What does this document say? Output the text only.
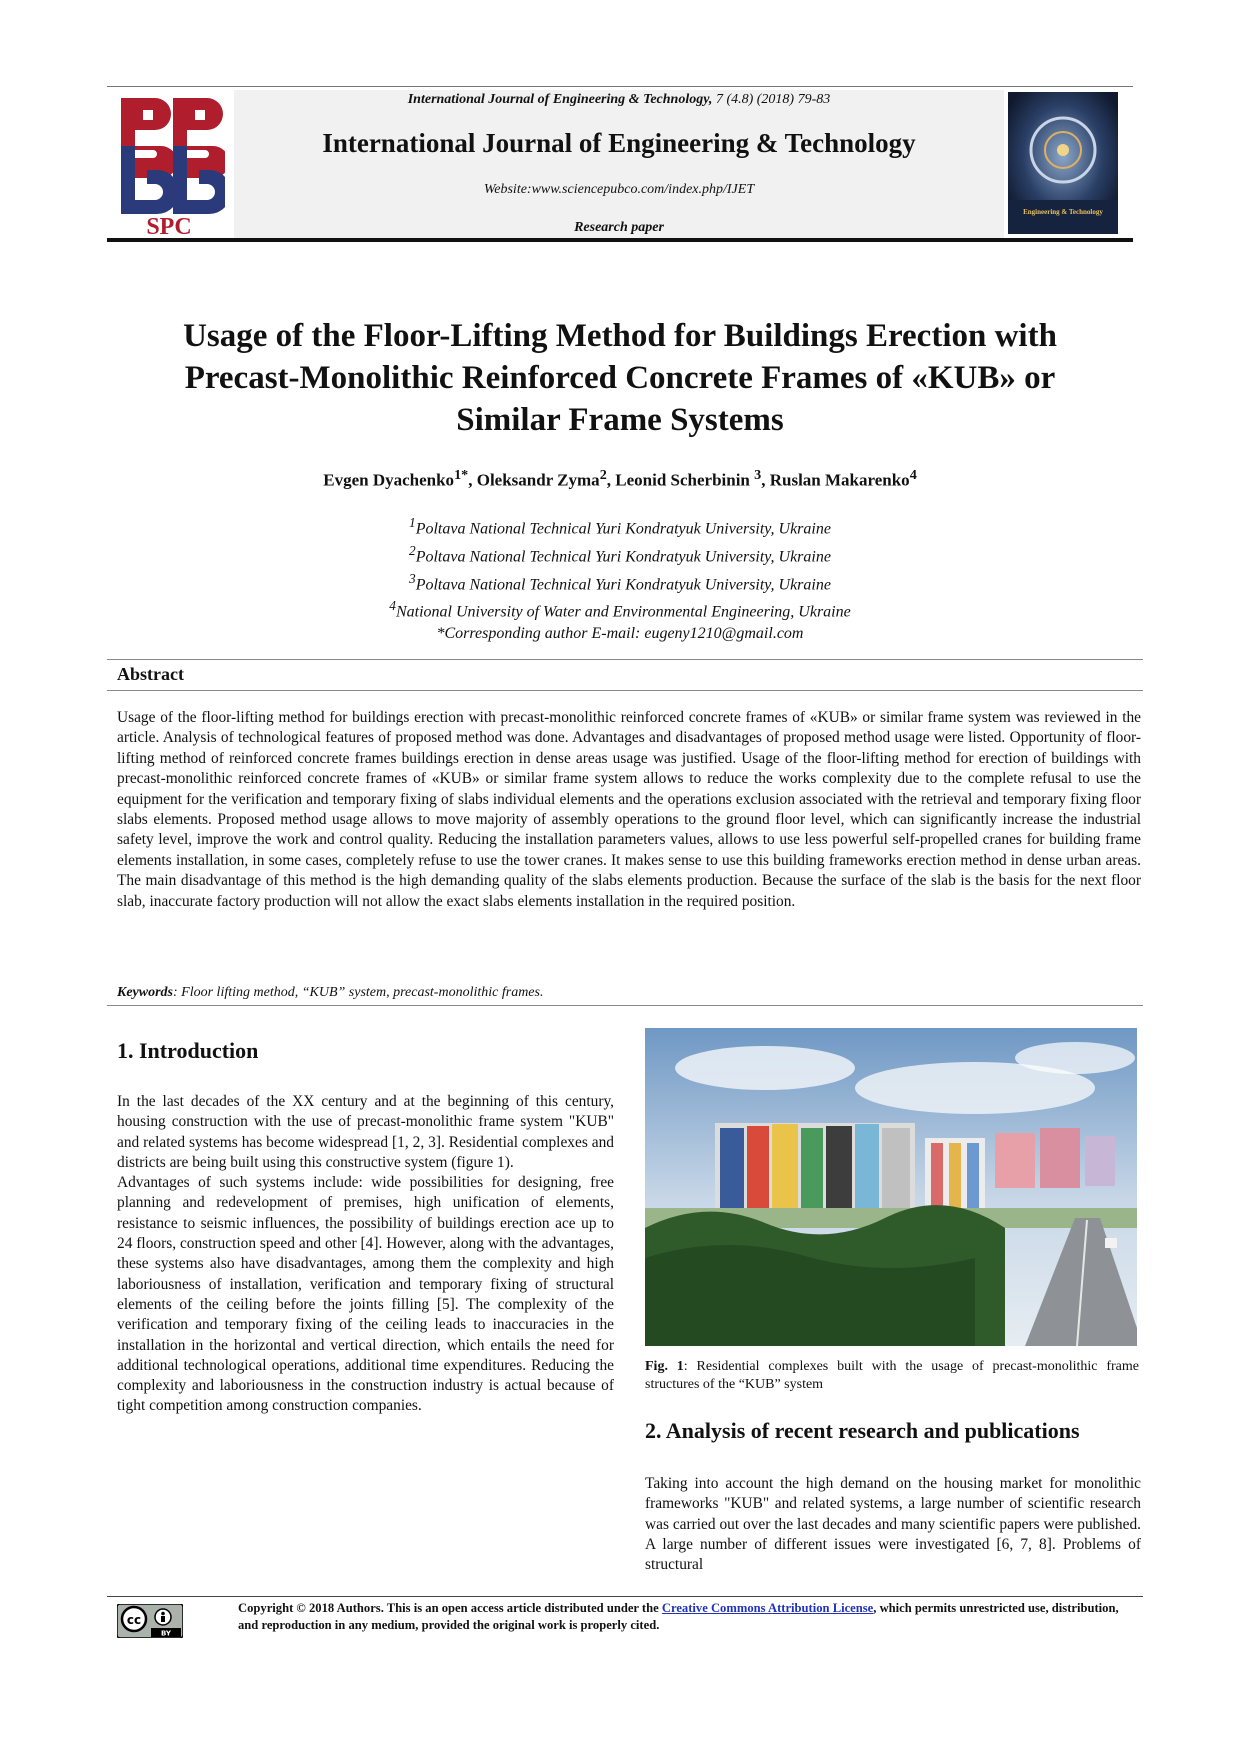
SPC
Engineering & Technology
International Journal of Engineering & Technology, 7 (4.8) (2018) 79-83
International Journal of Engineering & Technology
Website:www.sciencepubco.com/index.php/IJET
Research paper
Usage of the Floor-Lifting Method for Buildings Erection with
Precast-Monolithic Reinforced Concrete Frames of «KUB» or
Similar Frame Systems
Evgen Dyachenko$^{1*}$, Oleksandr Zyma$^2$, Leonid Scherbinin $^3$, Ruslan Makarenko$^4$
$^1$Poltava National Technical Yuri Kondratyuk University, Ukraine
$^2$Poltava National Technical Yuri Kondratyuk University, Ukraine
$^3$Poltava National Technical Yuri Kondratyuk University, Ukraine
$^4$National University of Water and Environmental Engineering, Ukraine
*Corresponding author E-mail: eugeny1210@gmail.com
Abstract
Usage of the floor-lifting method for buildings erection with precast-monolithic reinforced concrete frames of «KUB» or similar frame system was reviewed in the article. Analysis of technological features of proposed method was done. Advantages and disadvantages of proposed method usage were listed. Opportunity of floor-lifting method of reinforced concrete frames buildings erection in dense areas usage was justified. Usage of the floor-lifting method for erection of buildings with precast-monolithic reinforced concrete frames of «KUB» or similar frame system allows to reduce the works complexity due to the complete refusal to use the equipment for the verification and temporary fixing of slabs individual elements and the operations exclusion associated with the retrieval and temporary fixing floor slabs elements. Proposed method usage allows to move majority of assembly operations to the ground floor level, which can significantly increase the industrial safety level, improve the work and control quality. Reducing the installation parameters values, allows to use less powerful self-propelled cranes for building frame elements installation, in some cases, completely refuse to use the tower cranes. It makes sense to use this building frameworks erection method in dense urban areas. The main disadvantage of this method is the high demanding quality of the slabs elements production. Because the surface of the slab is the basis for the next floor slab, inaccurate factory production will not allow the exact slabs elements installation in the required position.
Keywords: Floor lifting method, “KUB” system, precast-monolithic frames.
1. Introduction
In the last decades of the XX century and at the beginning of this century, housing construction with the use of precast-monolithic frame system "KUB" and related systems has become widespread [1, 2, 3]. Residential complexes and districts are being built using this constructive system (figure 1).
Advantages of such systems include: wide possibilities for designing, free planning and redevelopment of premises, high unification of elements, resistance to seismic influences, the possibility of buildings erection ace up to 24 floors, construction speed and other [4]. However, along with the advantages, these systems also have disadvantages, among them the complexity and high laboriousness of installation, verification and temporary fixing of structural elements of the ceiling before the joints filling [5]. The complexity of the verification and temporary fixing of the ceiling leads to inaccuracies in the installation in the horizontal and vertical direction, which entails the need for additional technological operations, additional time expenditures. Reducing the complexity and laboriousness in the construction industry is actual because of tight competition among construction companies.
Fig. 1: Residential complexes built with the usage of precast-monolithic frame structures of the “KUB” system
2. Analysis of recent research and publications
Taking into account the high demand on the housing market for monolithic frameworks "KUB" and related systems, a large number of scientific research was carried out over the last decades and many scientific papers were published. A large number of different issues were investigated [6, 7, 8]. Problems of structural
cc
BY
Copyright © 2018 Authors. This is an open access article distributed under the Creative Commons Attribution License, which permits unrestricted use, distribution, and reproduction in any medium, provided the original work is properly cited.
